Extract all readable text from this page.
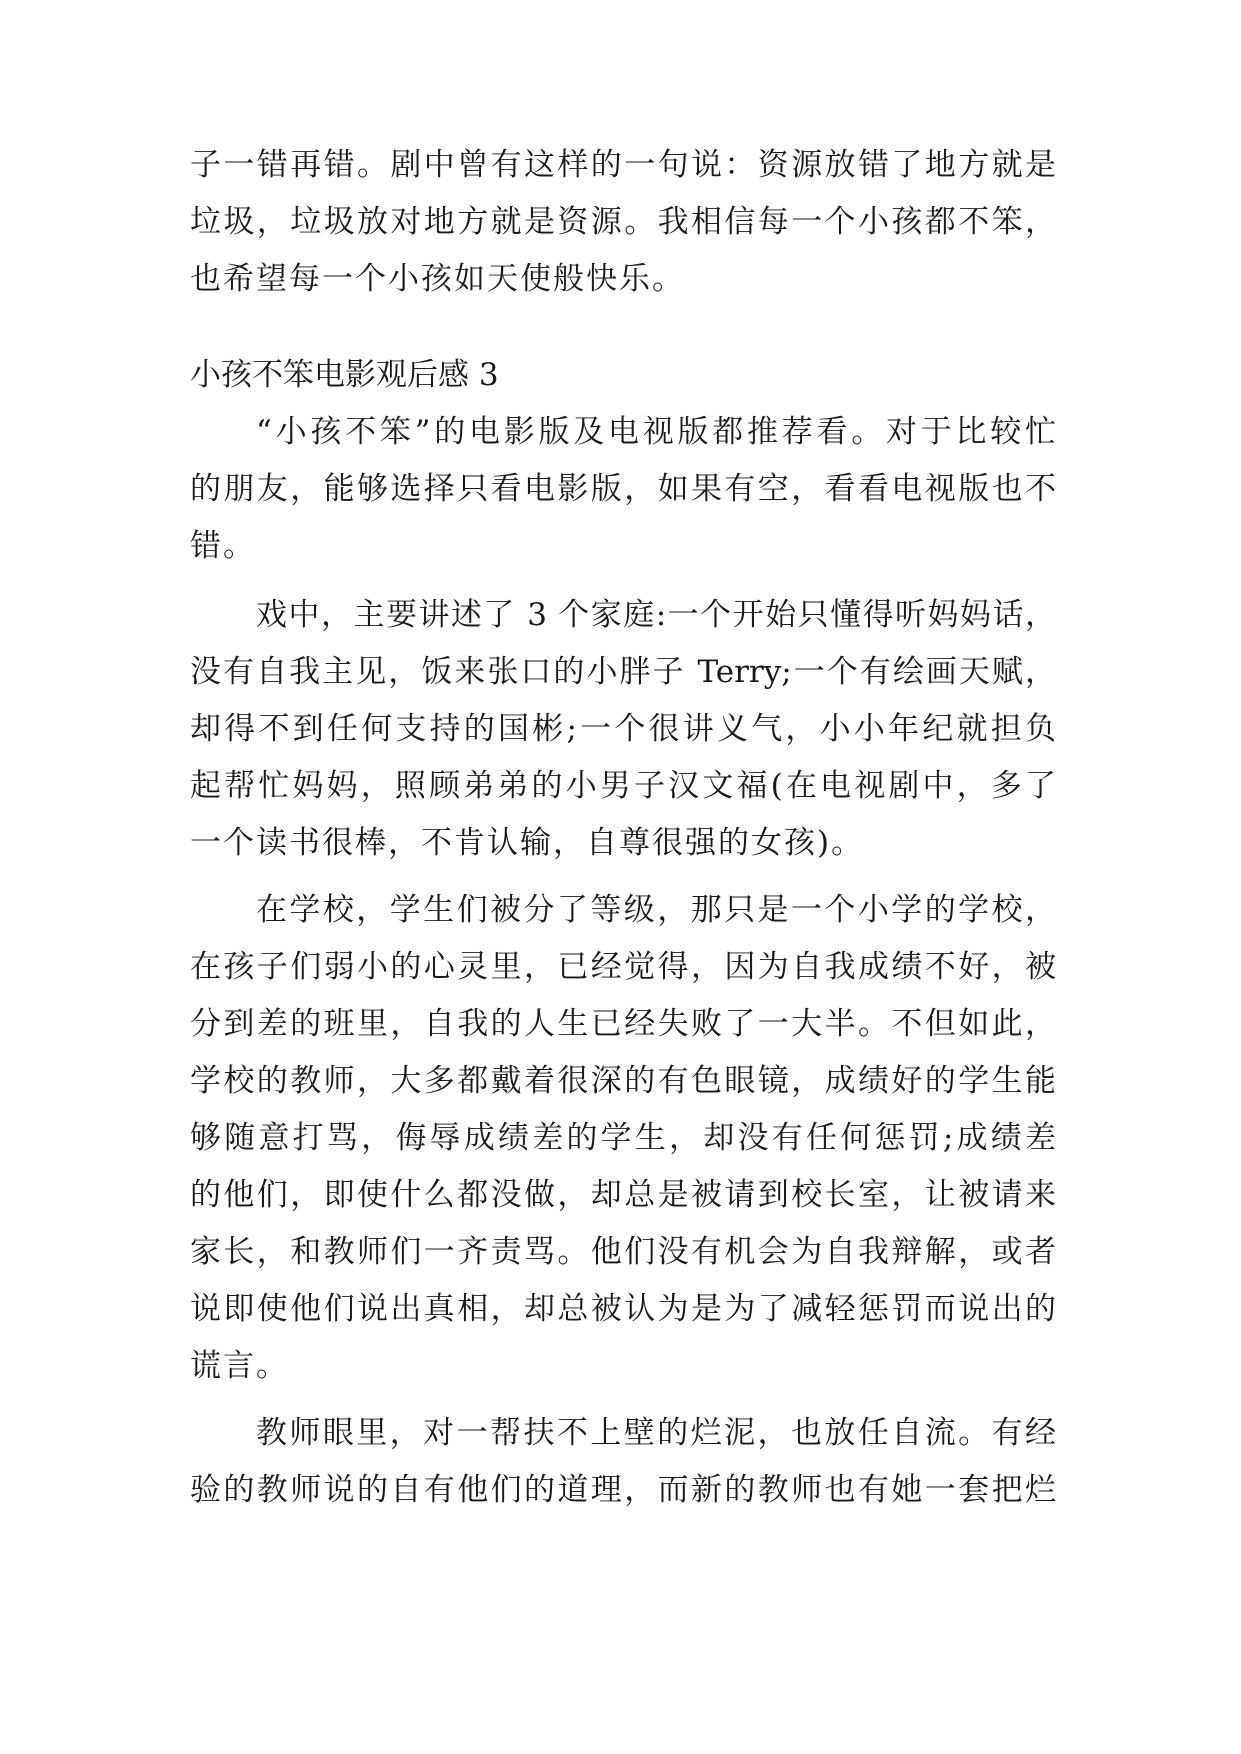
子一错再错。剧中曾有这样的一句说：资源放错了地方就是
垃圾，垃圾放对地方就是资源。我相信每一个小孩都不笨，
也希望每一个小孩如天使般快乐。
小孩不笨电影观后感 3
“小孩不笨”的电影版及电视版都推荐看。对于比较忙
的朋友，能够选择只看电影版，如果有空，看看电视版也不
错。
戏中，主要讲述了 3 个家庭:一个开始只懂得听妈妈话，
没有自我主见，饭来张口的小胖子 Terry;一个有绘画天赋，
却得不到任何支持的国彬;一个很讲义气，小小年纪就担负
起帮忙妈妈，照顾弟弟的小男子汉文福(在电视剧中，多了
一个读书很棒，不肯认输，自尊很强的女孩)。
在学校，学生们被分了等级，那只是一个小学的学校，
在孩子们弱小的心灵里，已经觉得，因为自我成绩不好，被
分到差的班里，自我的人生已经失败了一大半。不但如此，
学校的教师，大多都戴着很深的有色眼镜，成绩好的学生能
够随意打骂，侮辱成绩差的学生，却没有任何惩罚;成绩差
的他们，即使什么都没做，却总是被请到校长室，让被请来
家长，和教师们一齐责骂。他们没有机会为自我辩解，或者
说即使他们说出真相，却总被认为是为了减轻惩罚而说出的
谎言。
教师眼里，对一帮扶不上壁的烂泥，也放任自流。有经
验的教师说的自有他们的道理，而新的教师也有她一套把烂
